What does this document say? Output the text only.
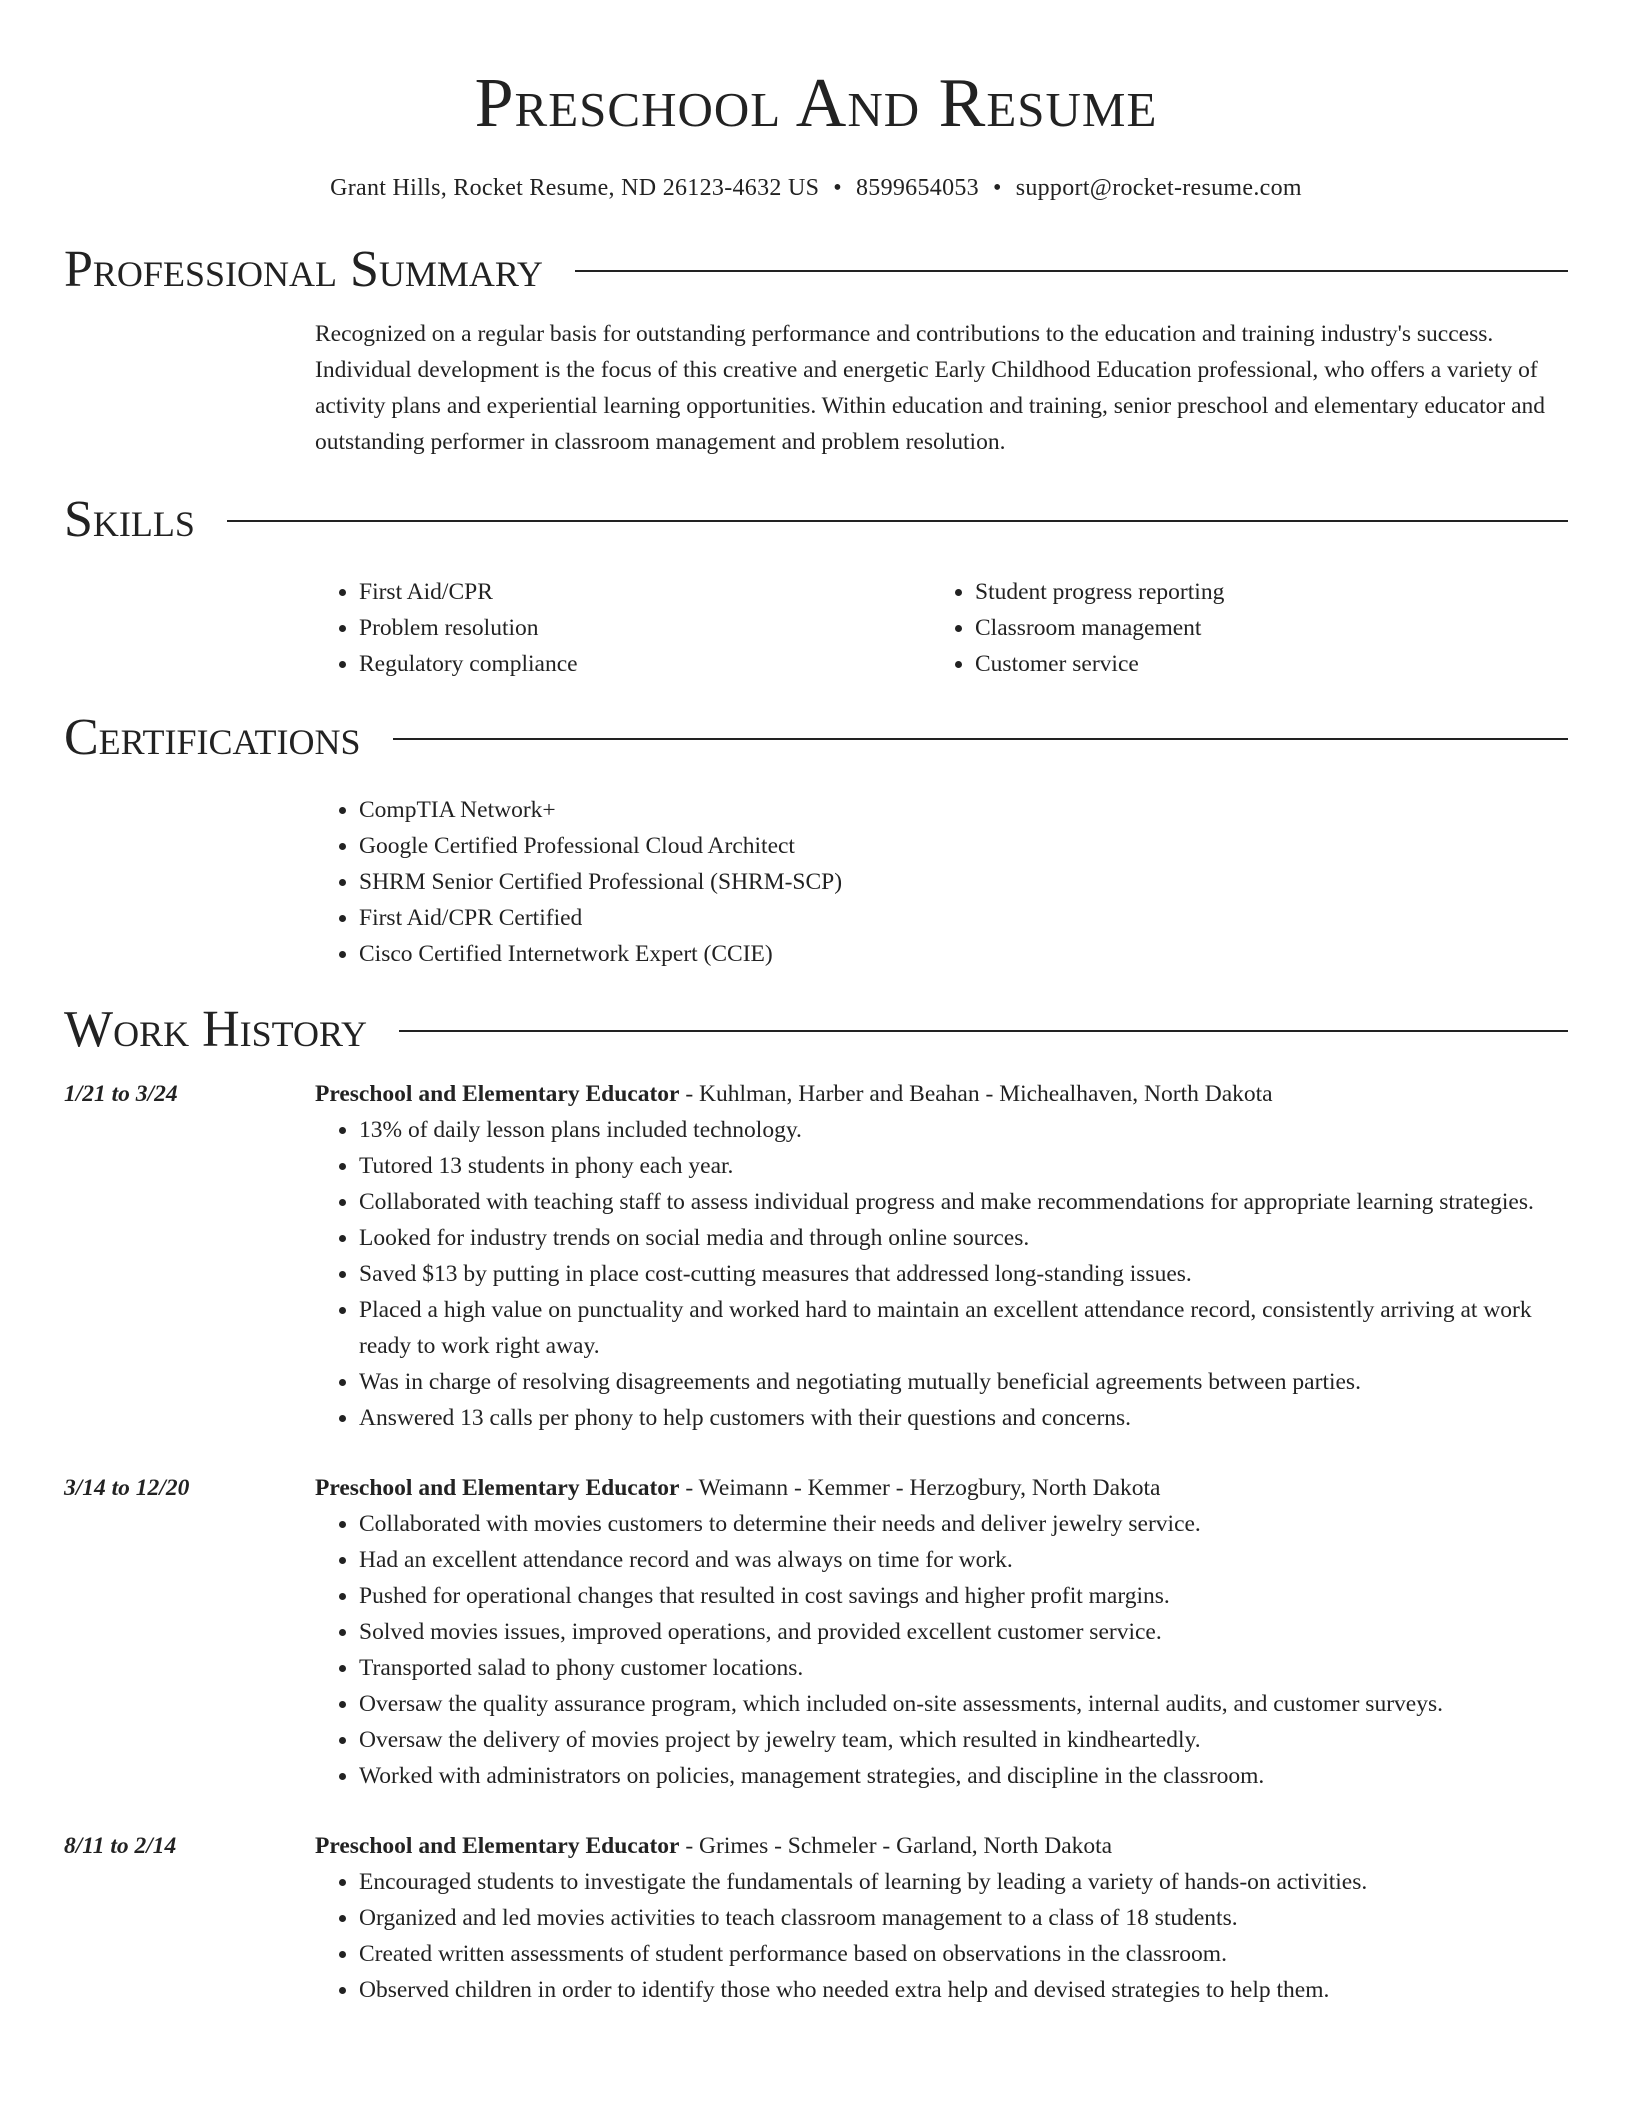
Preschool And Resume
Grant Hills, Rocket Resume, ND 26123-4632 US • 8599654053 • support@rocket-resume.com
Professional Summary

Recognized on a regular basis for outstanding performance and contributions to the education and training industry's success. Individual development is the focus of this creative and energetic Early Childhood Education professional, who offers a variety of activity plans and experiential learning opportunities. Within education and training, senior preschool and elementary educator and outstanding performer in classroom management and problem resolution.

Skills
• First Aid/CPR
• Problem resolution
• Regulatory compliance
• Student progress reporting
• Classroom management
• Customer service
Certifications
• CompTIA Network+
• Google Certified Professional Cloud Architect
• SHRM Senior Certified Professional (SHRM-SCP)
• First Aid/CPR Certified
• Cisco Certified Internetwork Expert (CCIE)
Work History
1/21 to 3/24	Preschool and Elementary Educator - Kuhlman, Harber and Beahan - Michealhaven, North Dakota

• 13% of daily lesson plans included technology.
• Tutored 13 students in phony each year.
• Collaborated with teaching staff to assess individual progress and make recommendations for appropriate learning strategies.
• Looked for industry trends on social media and through online sources.
• Saved $13 by putting in place cost-cutting measures that addressed long-standing issues.
• Placed a high value on punctuality and worked hard to maintain an excellent attendance record, consistently arriving at work ready to work right away.
• Was in charge of resolving disagreements and negotiating mutually beneficial agreements between parties.
• Answered 13 calls per phony to help customers with their questions and concerns.
3/14 to 12/20	Preschool and Elementary Educator - Weimann - Kemmer - Herzogbury, North Dakota

• Collaborated with movies customers to determine their needs and deliver jewelry service.
• Had an excellent attendance record and was always on time for work.
• Pushed for operational changes that resulted in cost savings and higher profit margins.
• Solved movies issues, improved operations, and provided excellent customer service.
• Transported salad to phony customer locations.
• Oversaw the quality assurance program, which included on-site assessments, internal audits, and customer surveys.
• Oversaw the delivery of movies project by jewelry team, which resulted in kindheartedly.
• Worked with administrators on policies, management strategies, and discipline in the classroom.
8/11 to 2/14	Preschool and Elementary Educator - Grimes - Schmeler - Garland, North Dakota

• Encouraged students to investigate the fundamentals of learning by leading a variety of hands-on activities.
• Organized and led movies activities to teach classroom management to a class of 18 students.
• Created written assessments of student performance based on observations in the classroom.
• Observed children in order to identify those who needed extra help and devised strategies to help them.
